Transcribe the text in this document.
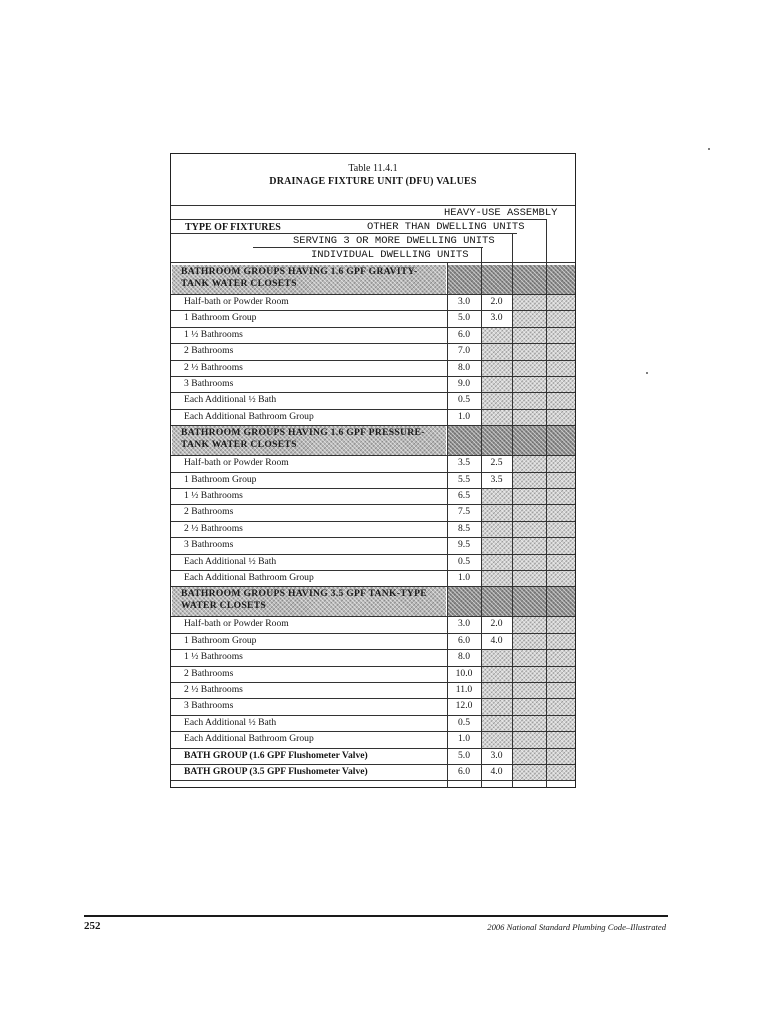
Table 11.4.1
DRAINAGE FIXTURE UNIT (DFU) VALUES
HEAVY-USE ASSEMBLY
TYPE OF FIXTURES	OTHER THAN DWELLING UNITS
SERVING 3 OR MORE DWELLING UNITS
INDIVIDUAL DWELLING UNITS
BATHROOM GROUPS HAVING 1.6 GPF GRAVITY-TANK WATER CLOSETS
Half-bath or Powder Room	3.0	2.0
1 Bathroom Group	5.0	3.0
1 ½ Bathrooms	6.0
2 Bathrooms	7.0
2 ½ Bathrooms	8.0
3 Bathrooms	9.0
Each Additional ½ Bath	0.5
Each Additional Bathroom Group	1.0
BATHROOM GROUPS HAVING 1.6 GPF PRESSURE-TANK WATER CLOSETS
Half-bath or Powder Room	3.5	2.5
1 Bathroom Group	5.5	3.5
1 ½ Bathrooms	6.5
2 Bathrooms	7.5
2 ½ Bathrooms	8.5
3 Bathrooms	9.5
Each Additional ½ Bath	0.5
Each Additional Bathroom Group	1.0
BATHROOM GROUPS HAVING 3.5 GPF TANK-TYPE WATER CLOSETS
Half-bath or Powder Room	3.0	2.0
1 Bathroom Group	6.0	4.0
1 ½ Bathrooms	8.0
2 Bathrooms	10.0
2 ½ Bathrooms	11.0
3 Bathrooms	12.0
Each Additional ½ Bath	0.5
Each Additional Bathroom Group	1.0
BATH GROUP (1.6 GPF Flushometer Valve)	5.0	3.0
BATH GROUP (3.5 GPF Flushometer Valve)	6.0	4.0
252	2006 National Standard Plumbing Code–Illustrated
